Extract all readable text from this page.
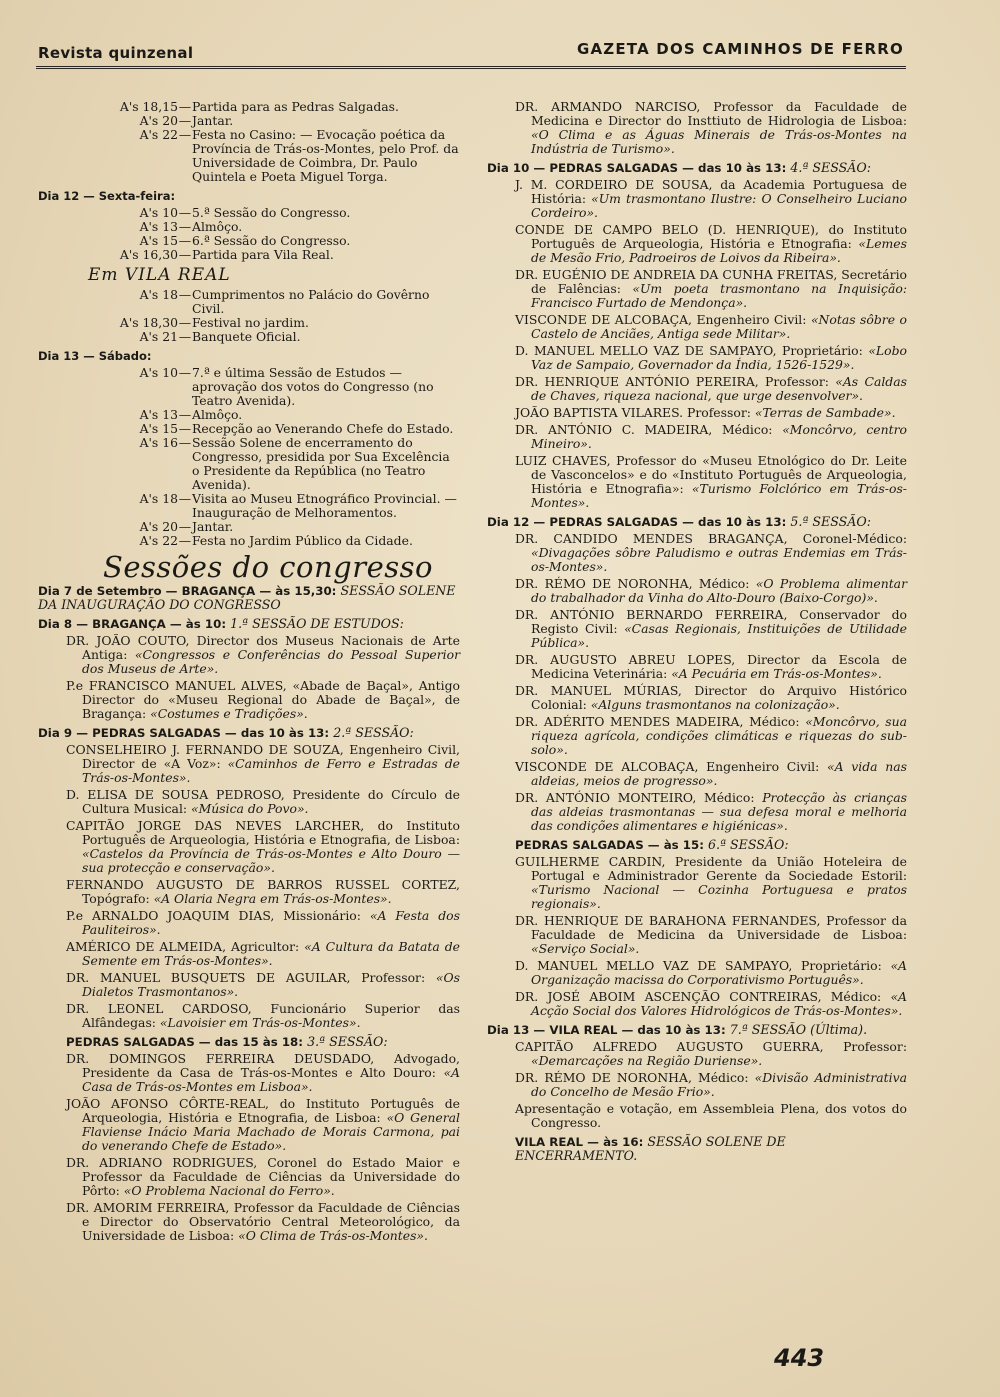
Revista quinzenal	GAZETA DOS CAMINHOS DE FERRO
A's 18,15 — Partida para as Pedras Salgadas.
A's 20 — Jantar.
A's 22 — Festa no Casino: — Evocação poética da Província de Trás-os-Montes, pelo Prof. da Universidade de Coimbra, Dr. Paulo Quintela e Poeta Miguel Torga.
Dia 12 — Sexta-feira:
A's 10 — 5.ª Sessão do Congresso.
A's 13 — Almôço.
A's 15 — 6.ª Sessão do Congresso.
A's 16,30 — Partida para Vila Real.
Em VILA REAL
A's 18 — Cumprimentos no Palácio do Govêrno Civil.
A's 18,30 — Festival no jardim.
A's 21 — Banquete Oficial.
Dia 13 — Sábado:
A's 10 — 7.ª e última Sessão de Estudos — aprovação dos votos do Congresso (no Teatro Avenida).
A's 13 — Almôço.
A's 15 — Recepção ao Venerando Chefe do Estado.
A's 16 — Sessão Solene de encerramento do Congresso, presidida por Sua Excelência o Presidente da República (no Teatro Avenida).
A's 18 — Visita ao Museu Etnográfico Provincial. — Inauguração de Melhoramentos.
A's 20 — Jantar.
A's 22 — Festa no Jardim Público da Cidade.
Sessões do congresso
Dia 7 de Setembro — BRAGANÇA — às 15,30: SESSÃO SOLENE DA INAUGURAÇÃO DO CONGRESSO
Dia 8 — BRAGANÇA — às 10: 1.ª SESSÃO DE ESTUDOS:
DR. JOÃO COUTO, Director dos Museus Nacionais de Arte Antiga: «Congressos e Conferências do Pessoal Superior dos Museus de Arte».
P.e FRANCISCO MANUEL ALVES, «Abade de Baçal», Antigo Director do «Museu Regional do Abade de Baçal», de Bragança: «Costumes e Tradições».
Dia 9 — PEDRAS SALGADAS — das 10 às 13: 2.ª SESSÃO:
CONSELHEIRO J. FERNANDO DE SOUZA, Engenheiro Civil, Director de «A Voz»: «Caminhos de Ferro e Estradas de Trás-os-Montes».
D. ELISA DE SOUSA PEDROSO, Presidente do Círculo de Cultura Musical: «Música do Povo».
CAPITÃO JORGE DAS NEVES LARCHER, do Instituto Português de Arqueologia, História e Etnografia, de Lisboa: «Castelos da Província de Trás-os-Montes e Alto Douro — sua protecção e conservação».
FERNANDO AUGUSTO DE BARROS RUSSEL CORTEZ, Topógrafo: «A Olaria Negra em Trás-os-Montes».
P.e ARNALDO JOAQUIM DIAS, Missionário: «A Festa dos Pauliteiros».
AMÉRICO DE ALMEIDA, Agricultor: «A Cultura da Batata de Semente em Trás-os-Montes».
DR. MANUEL BUSQUETS DE AGUILAR, Professor: «Os Dialetos Trasmontanos».
DR. LEONEL CARDOSO, Funcionário Superior das Alfândegas: «Lavoisier em Trás-os-Montes».
PEDRAS SALGADAS — das 15 às 18: 3.ª SESSÃO:
DR. DOMINGOS FERREIRA DEUSDADO, Advogado, Presidente da Casa de Trás-os-Montes e Alto Douro: «A Casa de Trás-os-Montes em Lisboa».
JOÃO AFONSO CÔRTE-REAL, do Instituto Português de Arqueologia, História e Etnografia, de Lisboa: «O General Flaviense Inácio Maria Machado de Morais Carmona, pai do venerando Chefe de Estado».
DR. ADRIANO RODRIGUES, Coronel do Estado Maior e Professor da Faculdade de Ciências da Universidade do Pôrto: «O Problema Nacional do Ferro».
DR. AMORIM FERREIRA, Professor da Faculdade de Ciências e Director do Observatório Central Meteorológico, da Universidade de Lisboa: «O Clima de Trás-os-Montes».
DR. ARMANDO NARCISO, Professor da Faculdade de Medicina e Director do Insttiuto de Hidrologia de Lisboa: «O Clima e as Águas Minerais de Trás-os-Montes na Indústria de Turismo».
Dia 10 — PEDRAS SALGADAS — das 10 às 13: 4.ª SESSÃO:
J. M. CORDEIRO DE SOUSA, da Academia Portuguesa de História: «Um trasmontano Ilustre: O Conselheiro Luciano Cordeiro».
CONDE DE CAMPO BELO (D. HENRIQUE), do Instituto Português de Arqueologia, História e Etnografia: «Lemes de Mesão Frio, Padroeiros de Loivos da Ribeira».
DR. EUGÉNIO DE ANDREIA DA CUNHA FREITAS, Secretário de Falências: «Um poeta trasmontano na Inquisição: Francisco Furtado de Mendonça».
VISCONDE DE ALCOBAÇA, Engenheiro Civil: «Notas sôbre o Castelo de Anciães, Antiga sede Militar».
D. MANUEL MELLO VAZ DE SAMPAYO, Proprietário: «Lobo Vaz de Sampaio, Governador da Índia, 1526-1529».
DR. HENRIQUE ANTÓNIO PEREIRA, Professor: «As Caldas de Chaves, riqueza nacional, que urge desenvolver».
JOÃO BAPTISTA VILARES. Professor: «Terras de Sambade».
DR. ANTÓNIO C. MADEIRA, Médico: «Moncôrvo, centro Mineiro».
LUIZ CHAVES, Professor do «Museu Etnológico do Dr. Leite de Vasconcelos» e do «Instituto Português de Arqueologia, História e Etnografia»: «Turismo Folclórico em Trás-os-Montes».
Dia 12 — PEDRAS SALGADAS — das 10 às 13: 5.ª SESSÃO:
DR. CANDIDO MENDES BRAGANÇA, Coronel-Médico: «Divagações sôbre Paludismo e outras Endemias em Trás-os-Montes».
DR. RÉMO DE NORONHA, Médico: «O Problema alimentar do trabalhador da Vinha do Alto-Douro (Baixo-Corgo)».
DR. ANTÓNIO BERNARDO FERREIRA, Conservador do Registo Civil: «Casas Regionais, Instituições de Utilidade Pública».
DR. AUGUSTO ABREU LOPES, Director da Escola de Medicina Veterinária: «A Pecuária em Trás-os-Montes».
DR. MANUEL MÚRIAS, Director do Arquivo Histórico Colonial: «Alguns trasmontanos na colonização».
DR. ADÉRITO MENDES MADEIRA, Médico: «Moncôrvo, sua riqueza agrícola, condições climáticas e riquezas do sub-solo».
VISCONDE DE ALCOBAÇA, Engenheiro Civil: «A vida nas aldeias, meios de progresso».
DR. ANTÓNIO MONTEIRO, Médico: Protecção às crianças das aldeias trasmontanas — sua defesa moral e melhoria das condições alimentares e higiénicas».
PEDRAS SALGADAS — às 15: 6.ª SESSÃO:
GUILHERME CARDIN, Presidente da União Hoteleira de Portugal e Administrador Gerente da Sociedade Estoril: «Turismo Nacional — Cozinha Portuguesa e pratos regionais».
DR. HENRIQUE DE BARAHONA FERNANDES, Professor da Faculdade de Medicina da Universidade de Lisboa: «Serviço Social».
D. MANUEL MELLO VAZ DE SAMPAYO, Proprietário: «A Organização macissa do Corporativismo Português».
DR. JOSÉ ABOIM ASCENÇÃO CONTREIRAS, Médico: «A Acção Social dos Valores Hidrológicos de Trás-os-Montes».
Dia 13 — VILA REAL — das 10 às 13: 7.ª SESSÃO (Última).
CAPITÃO ALFREDO AUGUSTO GUERRA, Professor: «Demarcações na Região Duriense».
DR. RÉMO DE NORONHA, Médico: «Divisão Administrativa do Concelho de Mesão Frio».
Apresentação e votação, em Assembleia Plena, dos votos do Congresso.
VILA REAL — às 16: SESSÃO SOLENE DE ENCERRAMENTO.
443
